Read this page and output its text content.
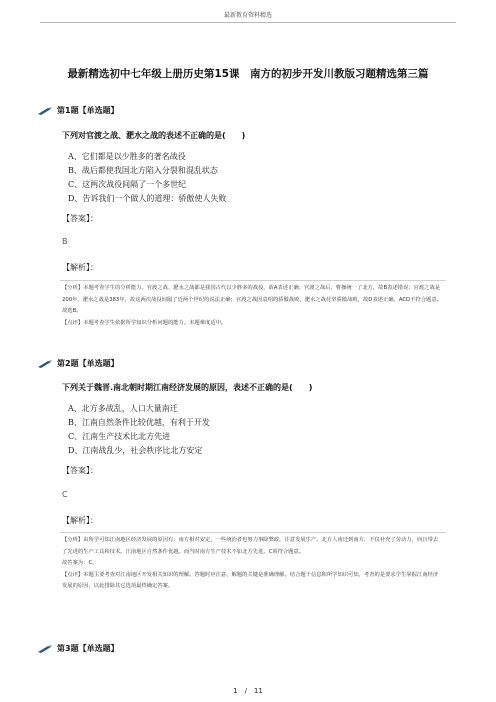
最新教育资料精选
最新精选初中七年级上册历史第15课　南方的初步开发川教版习题精选第三篇
第1题【单选题】
下列对官渡之战、淝水之战的表述不正确的是(　　)
A、它们都是以少胜多的著名战役
B、战后都使我国北方陷入分裂和混乱状态
C、这两次战役间隔了一个多世纪
D、告诉我们一个做人的道理：骄傲使人失败
【答案】：
B
【解析】：

【分析】本题考查学生的分析能力。官渡之战、淝水之战都是我国古代以少胜多的战役，故A表述正确；官渡之战后，曹操统一了北方，故B表述错误；官渡之战是200年，淝水之战是383年，故这两次战役间隔了近两个世纪的说法正确；官渡之战因袁绍的骄傲战败，淝水之战苻坚骄傲战败，故D表述正确。ACD不符合题意。

故选B。

【点评】本题考查学生依据所学知识分析问题的能力。本题难度适中。

第2题【单选题】
下列关于魏晋.南北朝时期江南经济发展的原因，表述不正确的是(　　)
A、北方多战乱，人口大量南迁
B、江南自然条件比较优越，有利于开发
C、江南生产技术比北方先进
D、江南战乱少，社会秩序比北方安定
【答案】：
C
【解析】：

【分析】由所学可知江南地区经济发展的原因有：南方相对安定，一些统治者也努力事除弊政，注意发展生产。北方人南迁到南方，不仅补充了劳动力，而且带去了先进的生产工具和技术。江南地区自然条件优越。而当时南方生产技术不如北方先进。C项符合题意。

故答案为：C。

【点评】本题主要考查对江南地区开发相关知识的理解。答题时应注意，解题的关键是准确理解。结合题干信息和所学知识可知，考查的是要求学生掌握江南经济发展的原因，以此排除其它选项最终确定答案。

第3题【单选题】
1　/　11
